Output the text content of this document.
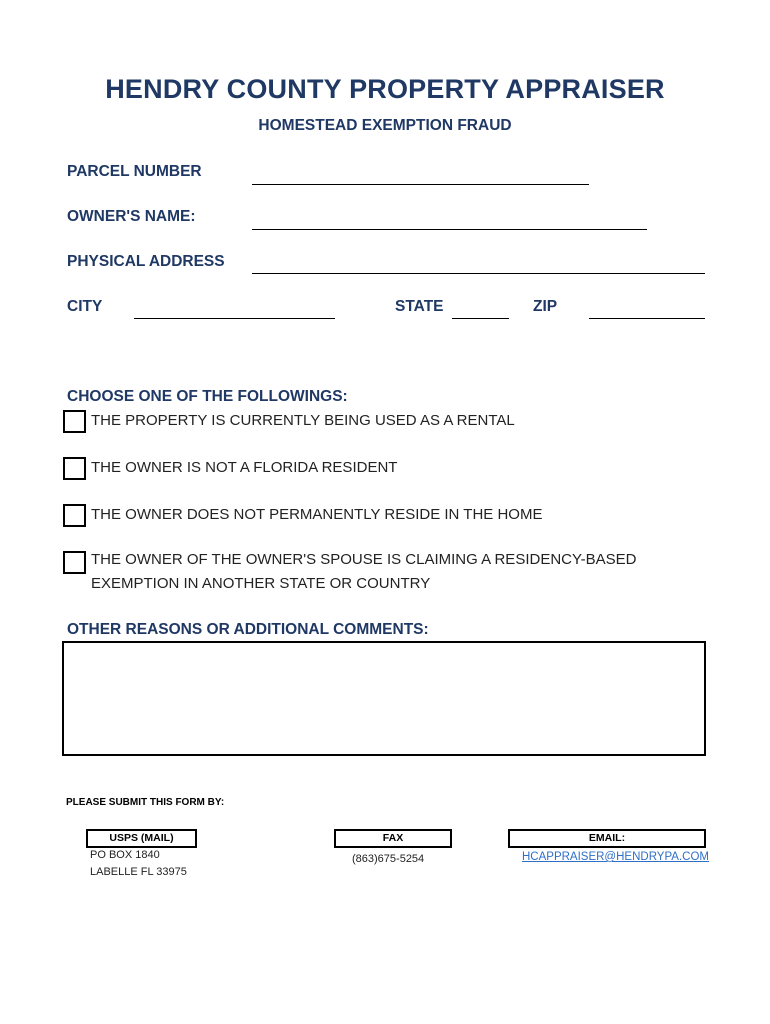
HENDRY COUNTY PROPERTY APPRAISER
HOMESTEAD EXEMPTION FRAUD
PARCEL NUMBER
OWNER'S NAME:
PHYSICAL ADDRESS
CITY	STATE	ZIP
CHOOSE ONE OF THE FOLLOWINGS:
THE PROPERTY IS CURRENTLY BEING USED AS A RENTAL
THE OWNER IS NOT A FLORIDA RESIDENT
THE OWNER DOES NOT PERMANENTLY RESIDE IN THE HOME
THE OWNER OF THE OWNER'S SPOUSE IS CLAIMING A RESIDENCY-BASED
EXEMPTION IN ANOTHER STATE OR COUNTRY
OTHER REASONS OR ADDITIONAL COMMENTS:
PLEASE SUBMIT THIS FORM BY:
USPS (MAIL)
PO BOX 1840
LABELLE FL 33975
FAX
(863)675-5254
EMAIL:
HCAPPRAISER@HENDRYPA.COM
